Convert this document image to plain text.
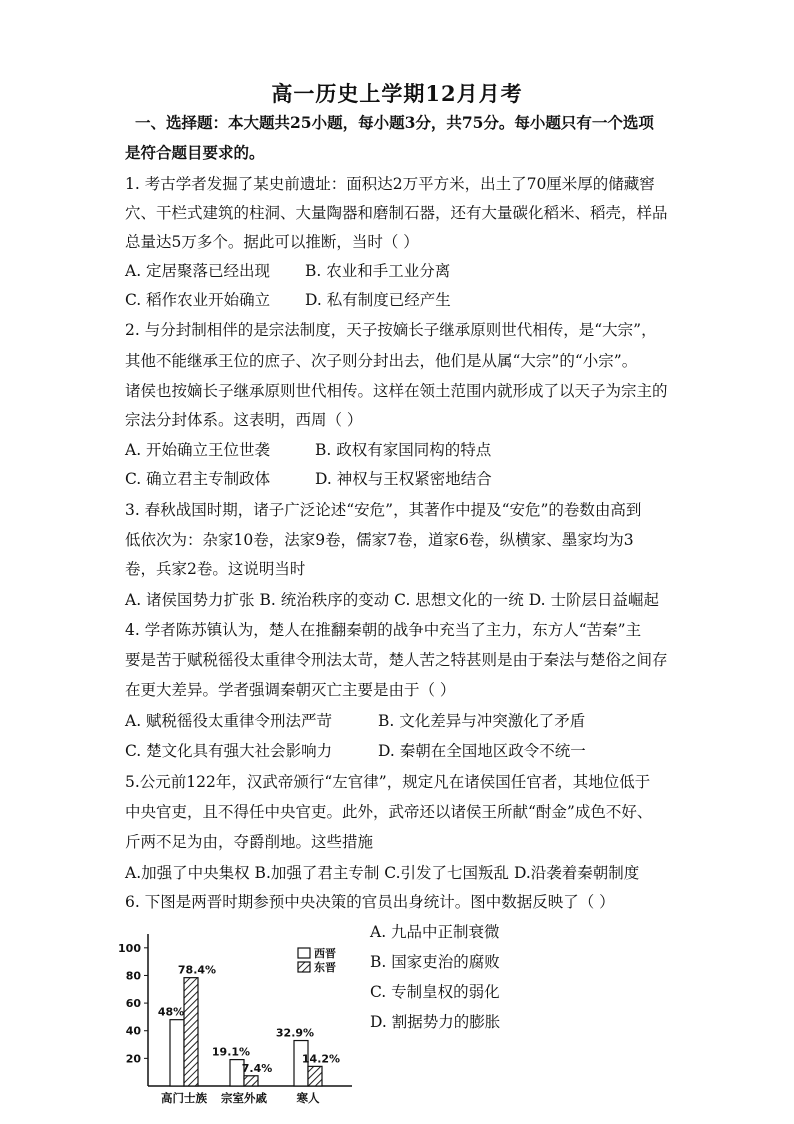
高一历史上学期12月月考
一、选择题：本大题共25小题，每小题3分，共75分。每小题只有一个选项
是符合题目要求的。
1. 考古学者发掘了某史前遗址：面积达2万平方米，出土了70厘米厚的储藏窖
穴、干栏式建筑的柱洞、大量陶器和磨制石器，还有大量碳化稻米、稻壳，样品
总量达5万多个。据此可以推断，当时（ ）
A. 定居聚落已经出现 B. 农业和手工业分离
C. 稻作农业开始确立 D. 私有制度已经产生
2. 与分封制相伴的是宗法制度，天子按嫡长子继承原则世代相传，是“大宗”，
其他不能继承王位的庶子、次子则分封出去，他们是从属“大宗”的“小宗”。
诸侯也按嫡长子继承原则世代相传。这样在领土范围内就形成了以天子为宗主的
宗法分封体系。这表明，西周（ ）
A. 开始确立王位世袭	B. 政权有家国同构的特点
C. 确立君主专制政体	D. 神权与王权紧密地结合
3. 春秋战国时期，诸子广泛论述“安危”，其著作中提及“安危”的卷数由高到
低依次为：杂家10卷，法家9卷，儒家7卷，道家6卷，纵横家、墨家均为3
卷，兵家2卷。这说明当时
A. 诸侯国势力扩张 B. 统治秩序的变动 C. 思想文化的一统 D. 士阶层日益崛起
4. 学者陈苏镇认为，楚人在推翻秦朝的战争中充当了主力，东方人“苦秦”主
要是苦于赋税徭役太重律令刑法太苛，楚人苦之特甚则是由于秦法与楚俗之间存
在更大差异。学者强调秦朝灭亡主要是由于（ ）
A. 赋税徭役太重律令刑法严苛	B. 文化差异与冲突激化了矛盾
C. 楚文化具有强大社会影响力	D. 秦朝在全国地区政令不统一
5.公元前122年，汉武帝颁行“左官律”，规定凡在诸侯国任官者，其地位低于
中央官吏，且不得任中央官吏。此外，武帝还以诸侯王所献“酎金”成色不好、
斤两不足为由，夺爵削地。这些措施
A.加强了中央集权 B.加强了君主专制 C.引发了七国叛乱 D.沿袭着秦朝制度
6. 下图是两晋时期参预中央决策的官员出身统计。图中数据反映了（ ）
A. 九品中正制衰微
B. 国家吏治的腐败
C. 专制皇权的弱化
D. 割据势力的膨胀
20
40
60
80
100
48%
78.4%
高门士族
19.1%
7.4%
宗室外戚
32.9%
14.2%
寒人
西晋
东晋
